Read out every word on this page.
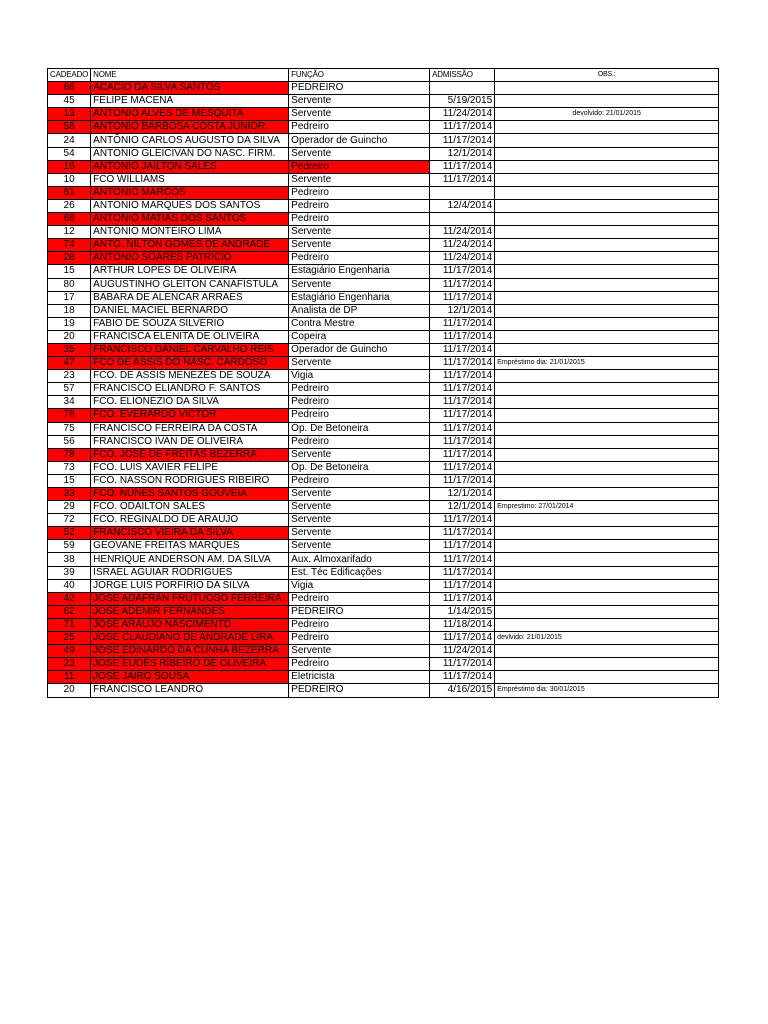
CADEADO	NOME	FUNÇÃO	ADMISSÃO	OBS.:
66	ACACIO DA SILVA SANTOS	PEDREIRO		
45	FELIPE MACENA	Servente	5/19/2015	
13	ANTÔNIO ALVES DE MESQUITA	Servente	11/24/2014	devolvido: 21/01/2015
58	ANTÔNIO BARBOSA COSTA JÚNIOR	Pedreiro	11/17/2014	
24	ANTÔNIO CARLOS AUGUSTO DA SILVA	Operador de Guincho	11/17/2014	
54	ANTÔNIO GLEICIVAN DO NASC. FIRM.	Servente	12/1/2014	
16	ANTÔNIO JAILTON SALES	Pedreiro	11/17/2014	
10	FCO WILLIAMS	Servente	11/17/2014	
61	ANTÔNIO MARCOS	Pedreiro		
26	ANTÔNIO MARQUES DOS SANTOS	Pedreiro	12/4/2014	
68	ANTÔNIO MATIAS DOS SANTOS	Pedreiro		
12	ANTÔNIO MONTEIRO LIMA	Servente	11/24/2014	
74	ANTÔ. NILTON GOMES DE ANDRADE	Servente	11/24/2014	
28	ANTÔNIO SOARES PATRÍCIO	Pedreiro	11/24/2014	
15	ARTHUR LOPES DE OLIVEIRA	Estagiário Engenharia	11/17/2014	
80	AUGUSTINHO GLEITON CANAFÍSTULA	Servente	11/17/2014	
17	BÁBARA DE ALENCAR ARRAES	Estagiário Engenharia	11/17/2014	
18	DANIEL MACIEL BERNARDO	Analista de DP	12/1/2014	
19	FABIO DE SOUZA SILVÉRIO	Contra Mestre	11/17/2014	
20	FRANCISCA ELENITA DE OLIVEIRA	Copeira	11/17/2014	
35	FRANCISCO DANIEL CARVALHO REIS	Operador de Guincho	11/17/2014	
47	FCO DE ASSIS DO NASC. CARDOSO	Servente	11/17/2014	Empréstimo dia: 21/01/2015
23	FCO. DE ASSIS MENEZES DE SOUZA	Vigia	11/17/2014	
57	FRANCISCO ELIANDRO F. SANTOS	Pedreiro	11/17/2014	
34	FCO. ELIONÉZIO DA SILVA	Pedreiro	11/17/2014	
76	FCO. EVERARDO VICTOR	Pedreiro	11/17/2014	
75	FRANCISCO FERREIRA DA COSTA	Op. De Betoneira	11/17/2014	
56	FRANCISCO IVAN DE OLIVEIRA	Pedreiro	11/17/2014	
78	FCO. JOSÉ DE FREITAS BEZERRA	Servente	11/17/2014	
73	FCO. LUIS XAVIER FELIPE	Op. De Betoneira	11/17/2014	
15	FCO. NASSON RODRIGUES RIBEIRO	Pedreiro	11/17/2014	
33	FCO. NUNES SANTOS GOUVEIA	Servente	12/1/2014	
29	FCO. ODAILTON SALES	Servente	12/1/2014	Emprestimo: 27/01/2014
72	FCO. REGINALDO DE ARAÚJO	Servente	11/17/2014	
52	FRANCISCO VIEIRA DA SILVA	Servente	11/17/2014	
59	GEOVANE FREITAS MARQUES	Servente	11/17/2014	
38	HENRIQUE ANDERSON AM. DA SILVA	Aux. Almoxarifado	11/17/2014	
39	ISRAEL AGUIAR RODRIGUES	Est. Téc Edificações	11/17/2014	
40	JORGE LUIS PORFÍRIO DA SILVA	Vigia	11/17/2014	
42	JOSÉ ADAFRAN FRUTUOSO FERREIRA	Pedreiro	11/17/2014	
62	JOSÉ ADEMIR FERNANDES	PEDREIRO	1/14/2015	
71	JOSÉ ARAÚJO NASCIMENTO	Pedreiro	11/18/2014	
25	JOSÉ CLAUDIANO DE ANDRADE LIRA	Pedreiro	11/17/2014	devlvido: 21/01/2015
49	JOSÉ EDINARDO DA CUNHA BEZERRA	Servente	11/24/2014	
23	JOSÉ EUDES RIBEIRO DE OLIVEIRA	Pedreiro	11/17/2014	
11	JOSÉ JAIRO SOUSA	Eletricista	11/17/2014	
20	FRANCISCO LEANDRO	PEDREIRO	4/16/2015	Empréstimo dia: 30/01/2015
